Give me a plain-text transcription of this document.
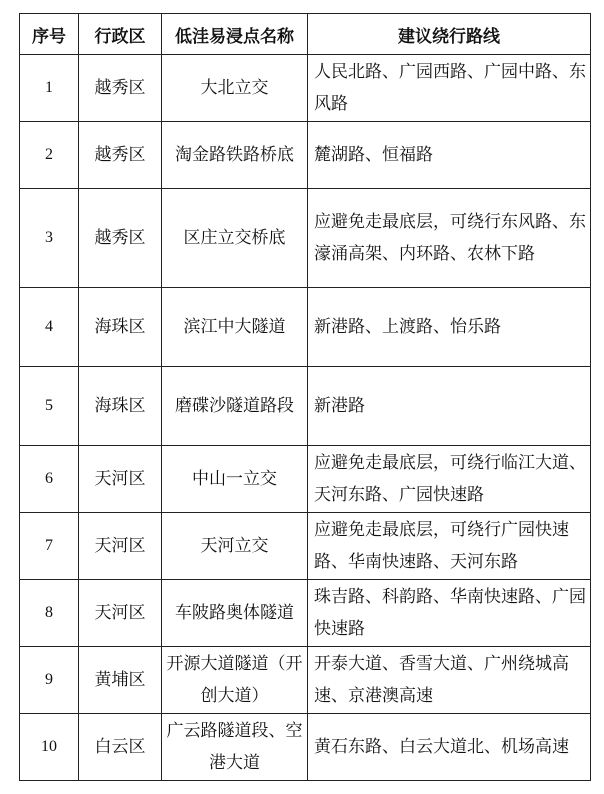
序号	行政区	低洼易浸点名称	建议绕行路线
1	越秀区	大北立交	人民北路、广园西路、广园中路、东风路
2	越秀区	淘金路铁路桥底	麓湖路、恒福路
3	越秀区	区庄立交桥底	应避免走最底层，可绕行东风路、东濠涌高架、内环路、农林下路
4	海珠区	滨江中大隧道	新港路、上渡路、怡乐路
5	海珠区	磨碟沙隧道路段	新港路
6	天河区	中山一立交	应避免走最底层，可绕行临江大道、天河东路、广园快速路
7	天河区	天河立交	应避免走最底层，可绕行广园快速路、华南快速路、天河东路
8	天河区	车陂路奥体隧道	珠吉路、科韵路、华南快速路、广园快速路
9	黄埔区	开源大道隧道（开创大道）	开泰大道、香雪大道、广州绕城高速、京港澳高速
10	白云区	广云路隧道段、空港大道	黄石东路、白云大道北、机场高速
